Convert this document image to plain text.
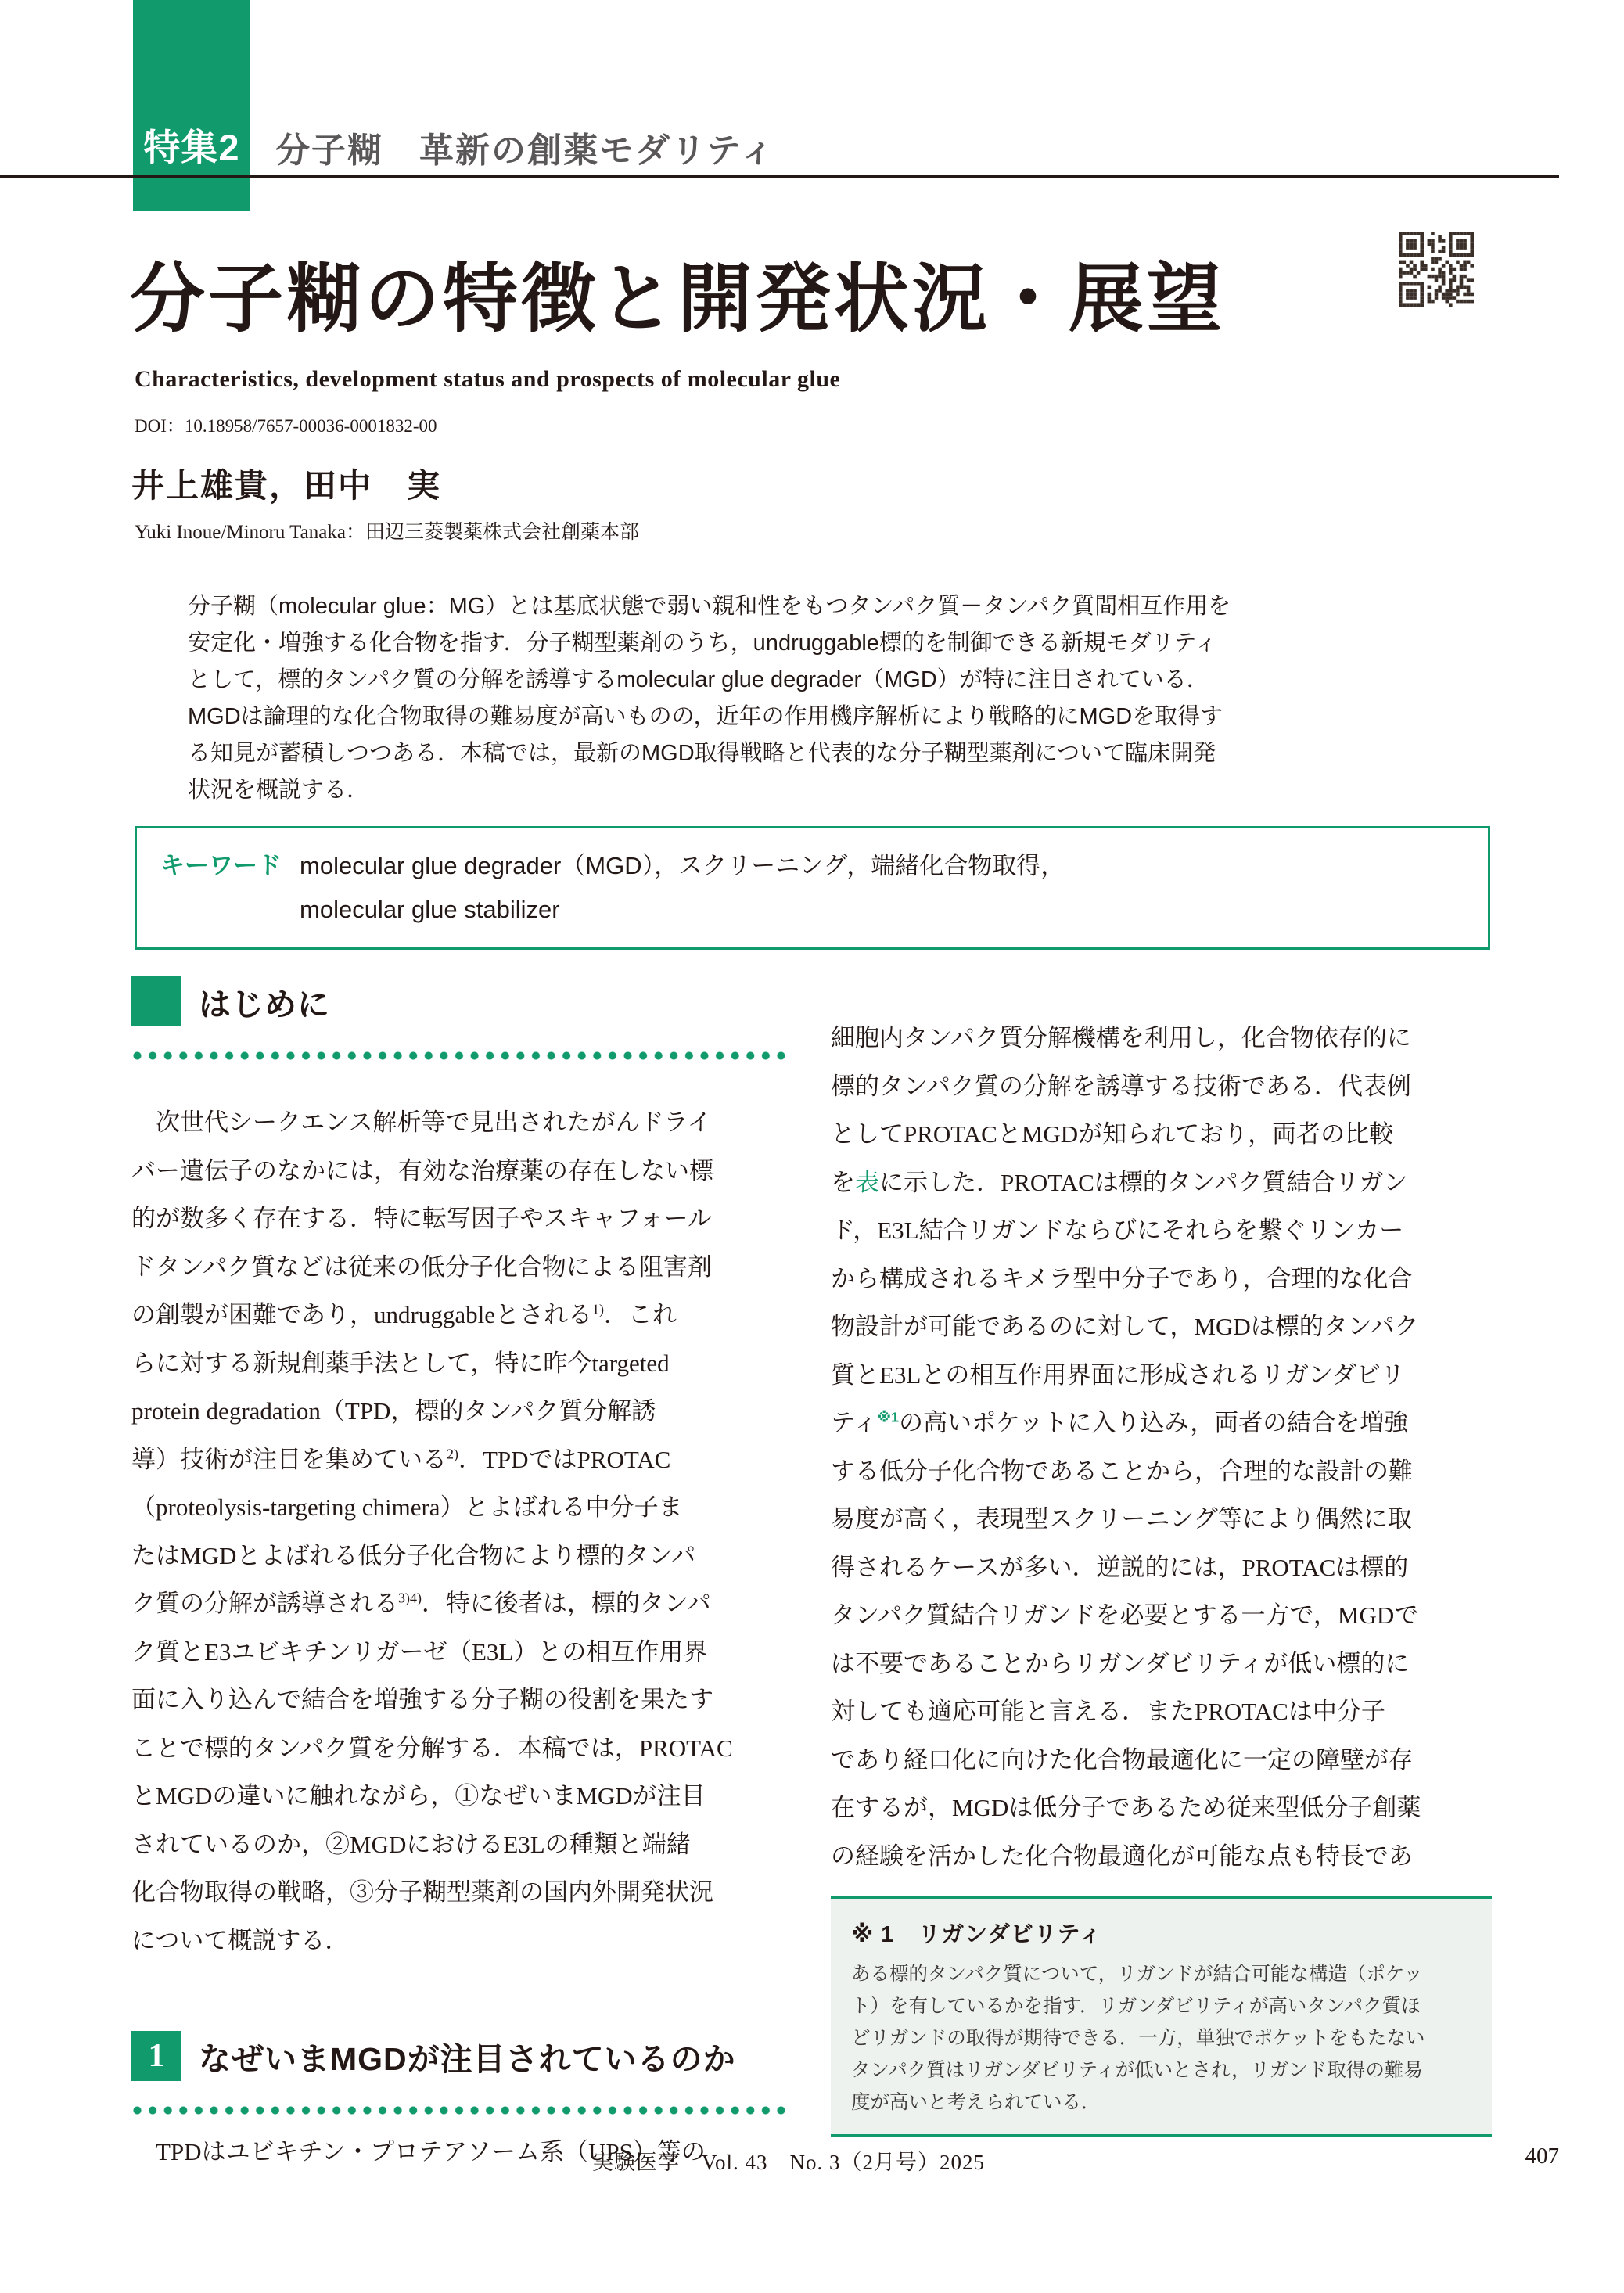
特集2 分子糊　革新の創薬モダリティ
分子糊の特徴と開発状況・展望
Characteristics, development status and prospects of molecular glue
DOI：10.18958/7657-00036-0001832-00
井上雄貴，田中　実
Yuki Inoue/Minoru Tanaka：田辺三菱製薬株式会社創薬本部
分子糊（molecular glue：MG）とは基底状態で弱い親和性をもつタンパク質－タンパク質間相互作用を
安定化・増強する化合物を指す．分子糊型薬剤のうち，undruggable標的を制御できる新規モダリティ
として，標的タンパク質の分解を誘導するmolecular glue degrader（MGD）が特に注目されている．
MGDは論理的な化合物取得の難易度が高いものの，近年の作用機序解析により戦略的にMGDを取得す
る知見が蓄積しつつある．本稿では，最新のMGD取得戦略と代表的な分子糊型薬剤について臨床開発
状況を概説する．
キーワード molecular glue degrader（MGD），スクリーニング，端緒化合物取得，
molecular glue stabilizer
はじめに
　次世代シークエンス解析等で見出されたがんドライ
バー遺伝子のなかには，有効な治療薬の存在しない標
的が数多く存在する．特に転写因子やスキャフォール
ドタンパク質などは従来の低分子化合物による阻害剤
の創製が困難であり，undruggableとされる$^{1)}$．これ
らに対する新規創薬手法として，特に昨今targeted
protein degradation（TPD，標的タンパク質分解誘
導）技術が注目を集めている$^{2)}$．TPDではPROTAC
（proteolysis-targeting chimera）とよばれる中分子ま
たはMGDとよばれる低分子化合物により標的タンパ
ク質の分解が誘導される$^{3)4)}$．特に後者は，標的タンパ
ク質とE3ユビキチンリガーゼ（E3L）との相互作用界
面に入り込んで結合を増強する分子糊の役割を果たす
ことで標的タンパク質を分解する．本稿では，PROTAC
とMGDの違いに触れながら，①なぜいまMGDが注目
されているのか，②MGDにおけるE3Lの種類と端緒
化合物取得の戦略，③分子糊型薬剤の国内外開発状況
について概説する．
1 なぜいまMGDが注目されているのか
　TPDはユビキチン・プロテアソーム系（UPS）等の
細胞内タンパク質分解機構を利用し，化合物依存的に
標的タンパク質の分解を誘導する技術である．代表例
としてPROTACとMGDが知られており，両者の比較
を表に示した．PROTACは標的タンパク質結合リガン
ド，E3L結合リガンドならびにそれらを繋ぐリンカー
から構成されるキメラ型中分子であり，合理的な化合
物設計が可能であるのに対して，MGDは標的タンパク
質とE3Lとの相互作用界面に形成されるリガンダビリ
ティ$^{※1}$の高いポケットに入り込み，両者の結合を増強
する低分子化合物であることから，合理的な設計の難
易度が高く，表現型スクリーニング等により偶然に取
得されるケースが多い．逆説的には，PROTACは標的
タンパク質結合リガンドを必要とする一方で，MGDで
は不要であることからリガンダビリティが低い標的に
対しても適応可能と言える．またPROTACは中分子
であり経口化に向けた化合物最適化に一定の障壁が存
在するが，MGDは低分子であるため従来型低分子創薬
の経験を活かした化合物最適化が可能な点も特長であ
※ 1　リガンダビリティ
ある標的タンパク質について，リガンドが結合可能な構造（ポケッ
ト）を有しているかを指す．リガンダビリティが高いタンパク質ほ
どリガンドの取得が期待できる．一方，単独でポケットをもたない
タンパク質はリガンダビリティが低いとされ，リガンド取得の難易
度が高いと考えられている．
実験医学　Vol. 43　No. 3（2月号）2025	407
